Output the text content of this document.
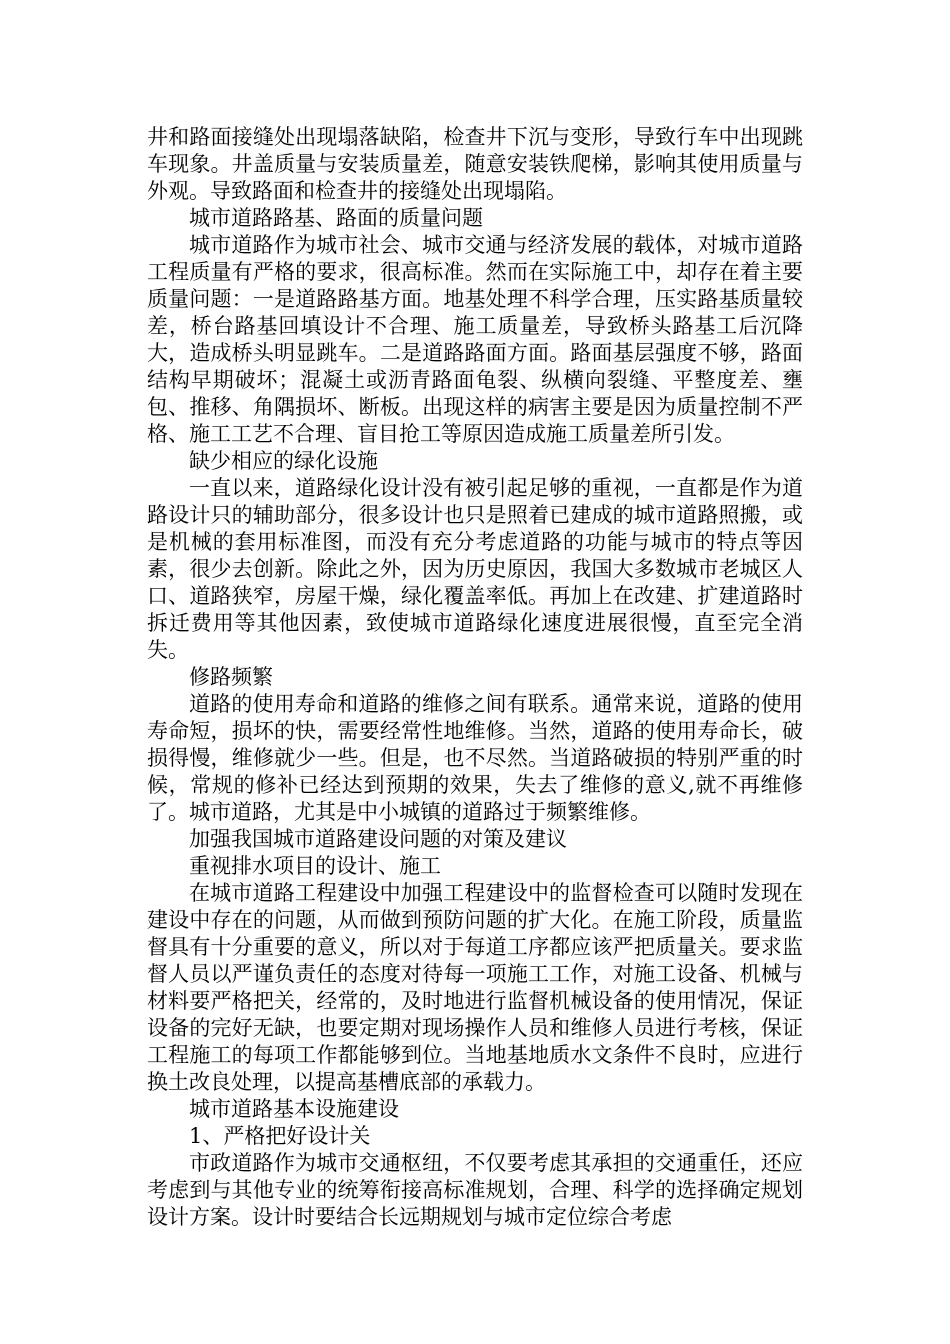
井和路面接缝处出现塌落缺陷，检查井下沉与变形，导致行车中出现跳车现象。井盖质量与安装质量差，随意安装铁爬梯，影响其使用质量与外观。导致路面和检查井的接缝处出现塌陷。

城市道路路基、路面的质量问题

城市道路作为城市社会、城市交通与经济发展的载体，对城市道路工程质量有严格的要求，很高标准。然而在实际施工中，却存在着主要质量问题：一是道路路基方面。地基处理不科学合理，压实路基质量较差，桥台路基回填设计不合理、施工质量差，导致桥头路基工后沉降大，造成桥头明显跳车。二是道路路面方面。路面基层强度不够，路面结构早期破坏；混凝土或沥青路面龟裂、纵横向裂缝、平整度差、壅包、推移、角隅损坏、断板。出现这样的病害主要是因为质量控制不严格、施工工艺不合理、盲目抢工等原因造成施工质量差所引发。

缺少相应的绿化设施

一直以来，道路绿化设计没有被引起足够的重视，一直都是作为道路设计只的辅助部分，很多设计也只是照着已建成的城市道路照搬，或是机械的套用标准图，而没有充分考虑道路的功能与城市的特点等因素，很少去创新。除此之外，因为历史原因，我国大多数城市老城区人口、道路狭窄，房屋干燥，绿化覆盖率低。再加上在改建、扩建道路时拆迁费用等其他因素，致使城市道路绿化速度进展很慢，直至完全消失。

修路频繁

道路的使用寿命和道路的维修之间有联系。通常来说，道路的使用寿命短，损坏的快，需要经常性地维修。当然，道路的使用寿命长，破损得慢，维修就少一些。但是，也不尽然。当道路破损的特别严重的时候，常规的修补已经达到预期的效果，失去了维修的意义,就不再维修了。城市道路，尤其是中小城镇的道路过于频繁维修。

加强我国城市道路建设问题的对策及建议

重视排水项目的设计、施工

在城市道路工程建设中加强工程建设中的监督检查可以随时发现在建设中存在的问题，从而做到预防问题的扩大化。在施工阶段，质量监督具有十分重要的意义，所以对于每道工序都应该严把质量关。要求监督人员以严谨负责任的态度对待每一项施工工作，对施工设备、机械与材料要严格把关，经常的，及时地进行监督机械设备的使用情况，保证设备的完好无缺，也要定期对现场操作人员和维修人员进行考核，保证工程施工的每项工作都能够到位。当地基地质水文条件不良时，应进行换土改良处理，以提高基槽底部的承载力。

城市道路基本设施建设

1、严格把好设计关

市政道路作为城市交通枢纽，不仅要考虑其承担的交通重任，还应考虑到与其他专业的统筹衔接高标准规划，合理、科学的选择确定规划设计方案。设计时要结合长远期规划与城市定位综合考虑
